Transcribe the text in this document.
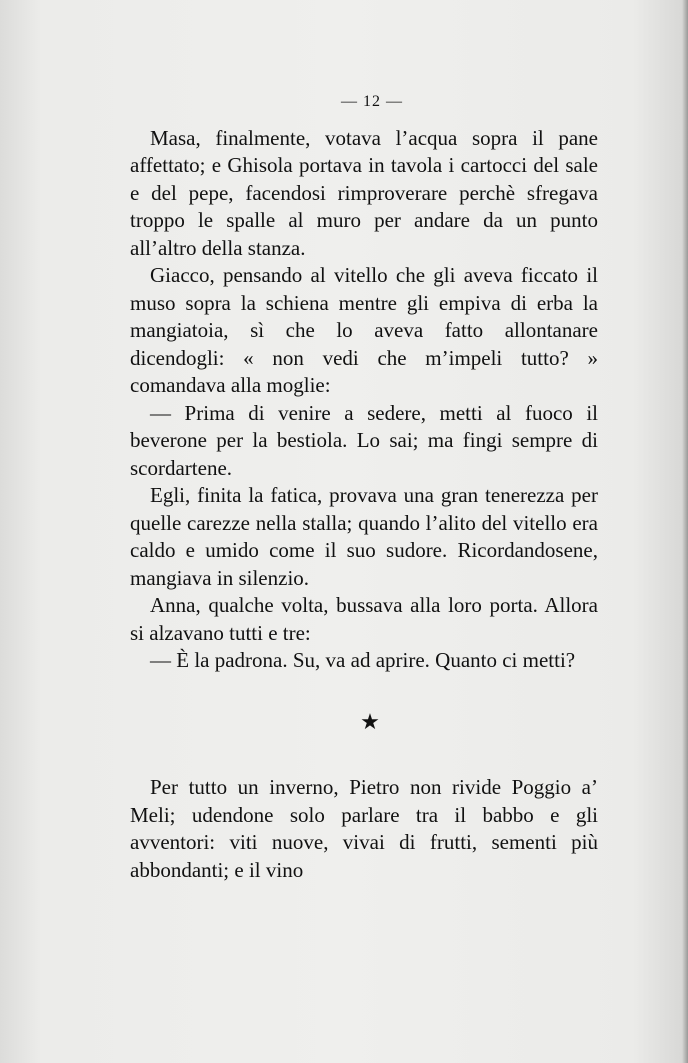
— 12 —

Masa, finalmente, votava l’acqua sopra il pane affettato; e Ghisola portava in tavola i cartocci del sale e del pepe, facendosi rimproverare perchè sfregava troppo le spalle al muro per andare da un punto all’altro della stanza.

Giacco, pensando al vitello che gli aveva ficcato il muso sopra la schiena mentre gli empiva di erba la mangiatoia, sì che lo aveva fatto allontanare dicendogli: « non vedi che m’impeli tutto? » comandava alla moglie:

— Prima di venire a sedere, metti al fuoco il beverone per la bestiola. Lo sai; ma fingi sempre di scordartene.

Egli, finita la fatica, provava una gran tenerezza per quelle carezze nella stalla; quando l’alito del vitello era caldo e umido come il suo sudore. Ricordandosene, mangiava in silenzio.

Anna, qualche volta, bussava alla loro porta. Allora si alzavano tutti e tre:

— È la padrona. Su, va ad aprire. Quanto ci metti?

★

Per tutto un inverno, Pietro non rivide Poggio a’ Meli; udendone solo parlare tra il babbo e gli avventori: viti nuove, vivai di frutti, sementi più abbondanti; e il vino
